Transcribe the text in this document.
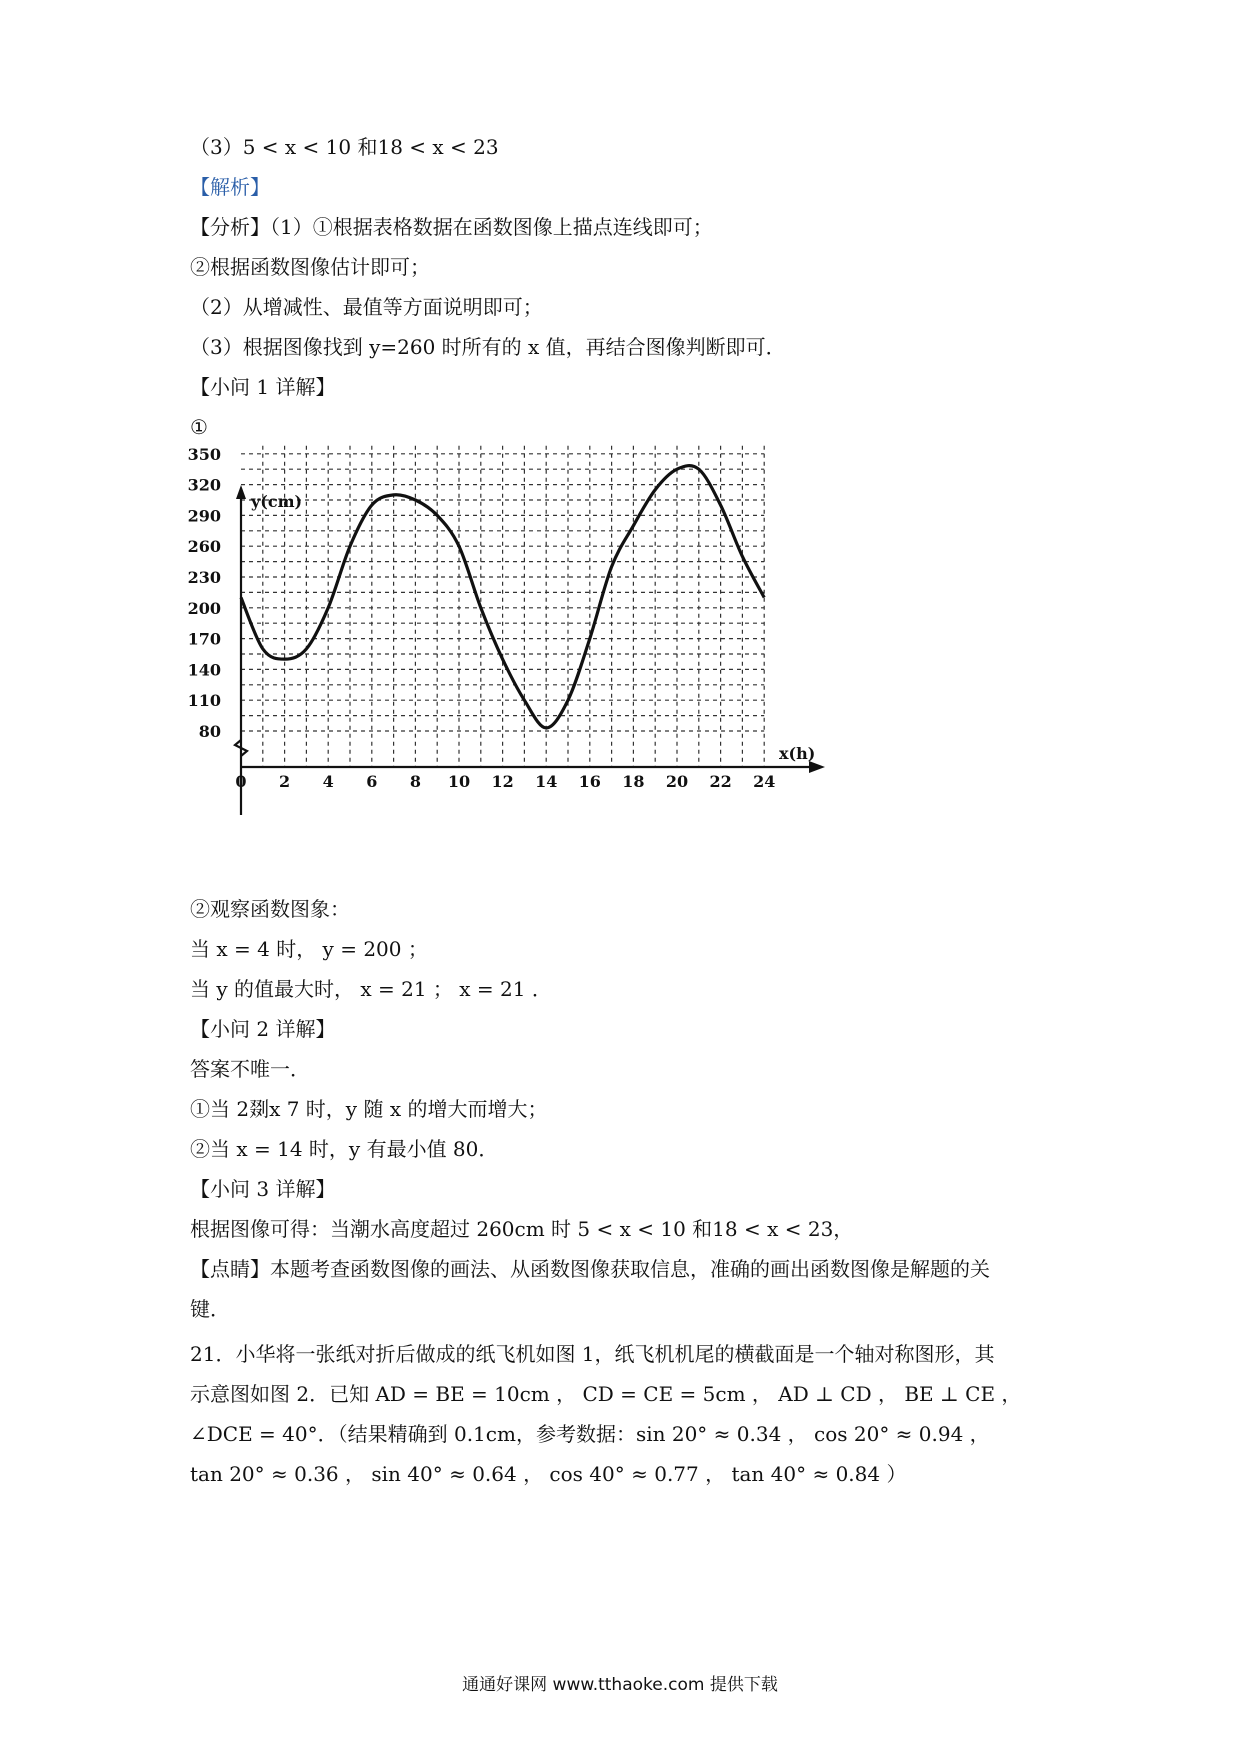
（3）5 < x < 10 和18 < x < 23
【解析】
【分析】（1）①根据表格数据在函数图像上描点连线即可；
②根据函数图像估计即可；
（2）从增减性、最值等方面说明即可；
（3）根据图像找到 y=260 时所有的 x 值，再结合图像判断即可．
【小问 1 详解】
①
80
110
140
170
200
230
260
290
320
350
0 2 4 6 8 10 12 14 16 18 20 22 24
y(cm)
x(h)
②观察函数图象：
当 x = 4 时， y = 200 ；
当 y 的值最大时， x = 21 ； x = 21 ．
【小问 2 详解】
答案不唯一．
①当 2剟x 7 时，y 随 x 的增大而增大；
②当 x = 14 时，y 有最小值 80．
【小问 3 详解】
根据图像可得：当潮水高度超过 260cm 时 5 < x < 10 和18 < x < 23，
【点睛】本题考查函数图像的画法、从函数图像获取信息，准确的画出函数图像是解题的关
键．
21．小华将一张纸对折后做成的纸飞机如图 1，纸飞机机尾的横截面是一个轴对称图形，其
示意图如图 2．已知 AD = BE = 10cm ， CD = CE = 5cm ， AD ⊥ CD ， BE ⊥ CE ，
∠DCE = 40°．（结果精确到 0.1cm，参考数据：sin 20° ≈ 0.34 ， cos 20° ≈ 0.94 ，
tan 20° ≈ 0.36 ， sin 40° ≈ 0.64 ， cos 40° ≈ 0.77 ， tan 40° ≈ 0.84 ）
通通好课网 www.tthaoke.com 提供下载
